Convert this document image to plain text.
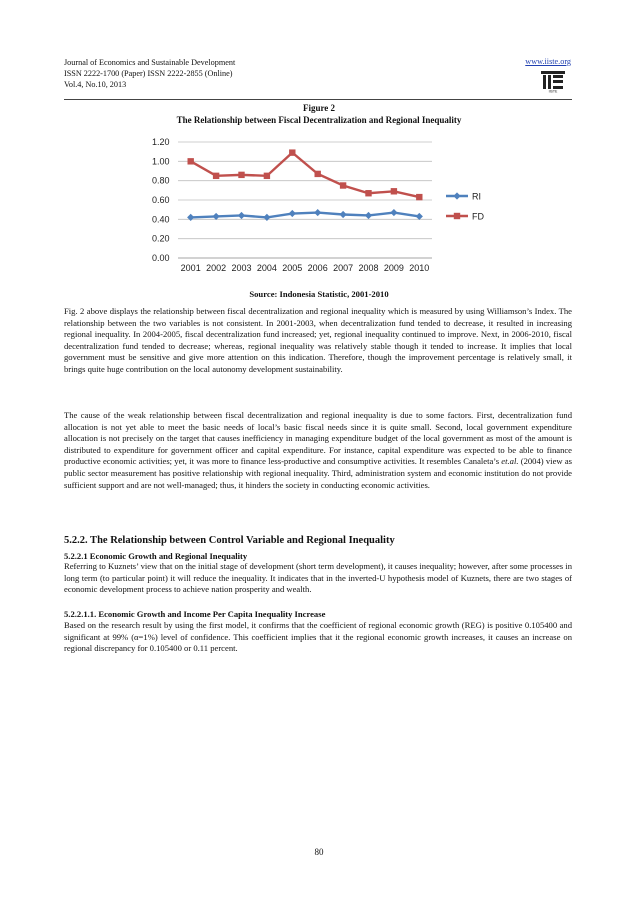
Journal of Economics and Sustainable Development
ISSN 2222-1700 (Paper) ISSN 2222-2855 (Online)
Vol.4, No.10, 2013
www.iiste.org
IISTE
Figure 2
The Relationship between Fiscal Decentralization and Regional Inequality
0.00
0.20
0.40
0.60
0.80
1.00
1.20
2001 2002 2003 2004 2005 2006 2007 2008 2009 2010
RI
FD
Source: Indonesia Statistic, 2001-2010

Fig. 2 above displays the relationship between fiscal decentralization and regional inequality which is measured by using Williamson’s Index. The relationship between the two variables is not consistent. In 2001-2003, when decentralization fund tended to decrease, it resulted in increasing regional inequality. In 2004-2005, fiscal decentralization fund increased; yet, regional inequality continued to improve. Next, in 2006-2010, fiscal decentralization fund tended to decrease; whereas, regional inequality was relatively stable though it tended to increase. It implies that local government must be sensitive and give more attention on this indication. Therefore, though the improvement percentage is relatively small, it brings quite huge contribution on the local autonomy development sustainability.

The cause of the weak relationship between fiscal decentralization and regional inequality is due to some factors. First, decentralization fund allocation is not yet able to meet the basic needs of local’s basic fiscal needs since it is quite small. Second, local government expenditure allocation is not precisely on the target that causes inefficiency in managing expenditure budget of the local government as most of the amount is distributed to expenditure for government officer and capital expenditure. For instance, capital expenditure was expected to be able to finance productive economic activities; yet, it was more to finance less-productive and consumptive activities. It resembles Canaleta’s et.al. (2004) view as public sector measurement has positive relationship with regional inequality. Third, administration system and economic institution do not provide sufficient support and are not well-managed; thus, it hinders the society in conducting economic activities.

5.2.2. The Relationship between Control Variable and Regional Inequality
5.2.2.1 Economic Growth and Regional Inequality

Referring to Kuznets’ view that on the initial stage of development (short term development), it causes inequality; however, after some processes in long term (to particular point) it will reduce the inequality. It indicates that in the inverted-U hypothesis model of Kuznets, there are two stages of economic development process to achieve nation prosperity and wealth.

5.2.2.1.1. Economic Growth and Income Per Capita Inequality Increase

Based on the research result by using the first model, it confirms that the coefficient of regional economic growth (REG) is positive 0.105400 and significant at 99% (α=1%) level of confidence. This coefficient implies that it the regional economic growth increases, it causes an increase on regional discrepancy for 0.105400 or 0.11 percent.

80
